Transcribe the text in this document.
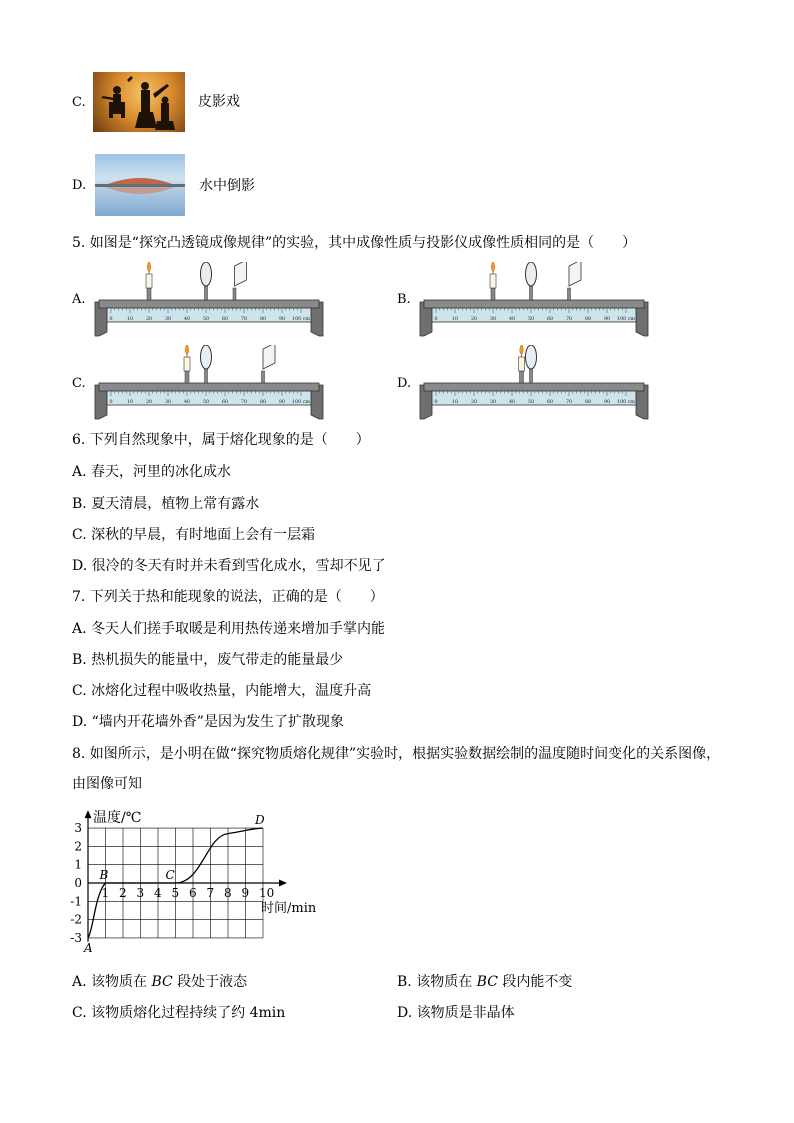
C.	皮影戏
D.	水中倒影
5. 如图是“探究凸透镜成像规律”的实验，其中成像性质与投影仪成像性质相同的是（　　）
A.
0	10	20	30	40	50	60	70	80	90 100 cm
B.
0	10	20	30	40	50	60	70	80	90 100 cm
C.
0	10	20	30	40	50	60	70	80	90 100 cm
D.
0	10	20	30	40	50	60	70	80	90 100 cm
6. 下列自然现象中，属于熔化现象的是（　　）
A. 春天，河里的冰化成水
B. 夏天清晨，植物上常有露水
C. 深秋的早晨，有时地面上会有一层霜
D. 很冷的冬天有时并未看到雪化成水，雪却不见了
7. 下列关于热和能现象的说法，正确的是（　　）
A. 冬天人们搓手取暖是利用热传递来增加手掌内能
B. 热机损失的能量中，废气带走的能量最少
C. 冰熔化过程中吸收热量，内能增大，温度升高
D. “墙内开花墙外香”是因为发生了扩散现象
8. 如图所示，是小明在做“探究物质熔化规律”实验时，根据实验数据绘制的温度随时间变化的关系图像，
由图像可知
温度/℃
时间/min
1 2 3 4 5 6 7 8 9 10
3
2
1
0
-1
-2
-3
A
B	C
D
A. 该物质在 BC 段处于液态	B. 该物质在 BC 段内能不变
C. 该物质熔化过程持续了约 4min	D. 该物质是非晶体
